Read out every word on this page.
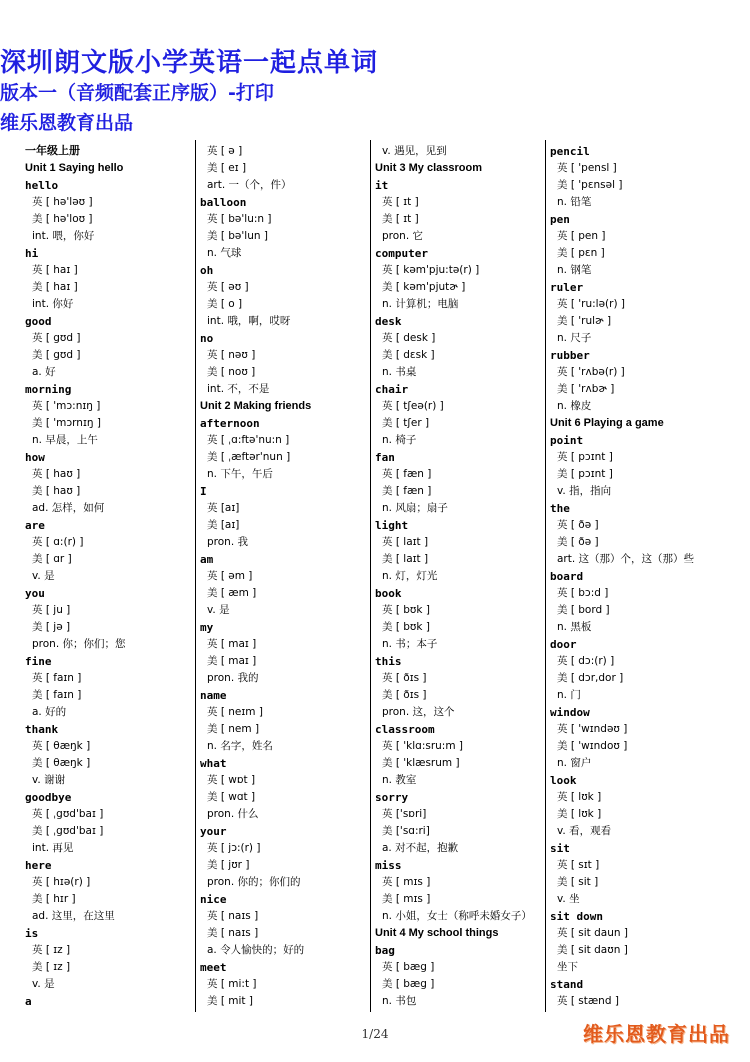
深圳朗文版小学英语一起点单词
版本一（音频配套正序版）-打印
维乐恩教育出品
一年级上册
Unit 1 Saying hello
hello
英 [ hə'ləʊ ]
美 [ hə'loʊ ]
int. 喂，你好
hi
英 [ haɪ ]
美 [ haɪ ]
int. 你好
good
英 [ gʊd ]
美 [ gʊd ]
a. 好
morning
英 [ 'mɔ:nɪŋ ]
美 [ 'mɔrnɪŋ ]
n. 早晨，上午
how
英 [ haʊ ]
美 [ haʊ ]
ad. 怎样，如何
are
英 [ ɑ:(r) ]
美 [ ɑr ]
v. 是
you
英 [ ju ]
美 [ jə ]
pron. 你；你们；您
fine
英 [ faɪn ]
美 [ faɪn ]
a. 好的
thank
英 [ θæŋk ]
美 [ θæŋk ]
v. 谢谢
goodbye
英 [ ˌgʊd'baɪ ]
美 [ ˌgʊd'baɪ ]
int. 再见
here
英 [ hɪə(r) ]
美 [ hɪr ]
ad. 这里，在这里
is
英 [ ɪz ]
美 [ ɪz ]
v. 是
a
英 [ ə ]
美 [ eɪ ]
art. 一（个，件）
balloon
英 [ bə'lu:n ]
美 [ bə'lun ]
n. 气球
oh
英 [ əʊ ]
美 [ o ]
int. 哦，啊，哎呀
no
英 [ nəʊ ]
美 [ noʊ ]
int. 不，不是
Unit 2 Making friends
afternoon
英 [ ˌɑ:ftə'nu:n ]
美 [ ˌæftər'nun ]
n. 下午，午后
I
英 [aɪ]
美 [aɪ]
pron. 我
am
英 [ əm ]
美 [ æm ]
v. 是
my
英 [ maɪ ]
美 [ maɪ ]
pron. 我的
name
英 [ neɪm ]
美 [ nem ]
n. 名字，姓名
what
英 [ wɒt ]
美 [ wɑt ]
pron. 什么
your
英 [ jɔ:(r) ]
美 [ jʊr ]
pron. 你的；你们的
nice
英 [ naɪs ]
美 [ naɪs ]
a. 令人愉快的；好的
meet
英 [ mi:t ]
美 [ mit ]
v. 遇见，见到
Unit 3 My classroom
it
英 [ ɪt ]
美 [ ɪt ]
pron. 它
computer
英 [ kəm'pju:tə(r) ]
美 [ kəm'pjutɚ ]
n. 计算机；电脑
desk
英 [ desk ]
美 [ dɛsk ]
n. 书桌
chair
英 [ tʃeə(r) ]
美 [ tʃer ]
n. 椅子
fan
英 [ fæn ]
美 [ fæn ]
n. 风扇；扇子
light
英 [ laɪt ]
美 [ laɪt ]
n. 灯，灯光
book
英 [ bʊk ]
美 [ bʊk ]
n. 书；本子
this
英 [ ðɪs ]
美 [ ðɪs ]
pron. 这，这个
classroom
英 [ 'klɑ:sru:m ]
美 [ 'klæsrum ]
n. 教室
sorry
英 ['sɒri]
美 ['sɑ:ri]
a. 对不起，抱歉
miss
英 [ mɪs ]
美 [ mɪs ]
n. 小姐，女士（称呼未婚女子）
Unit 4 My school things
bag
英 [ bæg ]
美 [ bæg ]
n. 书包
pencil
英 [ 'pensl ]
美 [ 'pɛnsəl ]
n. 铅笔
pen
英 [ pen ]
美 [ pɛn ]
n. 钢笔
ruler
英 [ 'ru:lə(r) ]
美 [ 'rulɚ ]
n. 尺子
rubber
英 [ 'rʌbə(r) ]
美 [ 'rʌbɚ ]
n. 橡皮
Unit 6 Playing a game
point
英 [ pɔɪnt ]
美 [ pɔɪnt ]
v. 指，指向
the
英 [ ðə ]
美 [ ðə ]
art. 这（那）个，这（那）些
board
英 [ bɔ:d ]
美 [ bord ]
n. 黑板
door
英 [ dɔ:(r) ]
美 [ dɔr,dor ]
n. 门
window
英 [ 'wɪndəʊ ]
美 [ 'wɪndoʊ ]
n. 窗户
look
英 [ lʊk ]
美 [ lʊk ]
v. 看，观看
sit
英 [ sɪt ]
美 [ sit ]
v. 坐
sit down
英 [ sit daun ]
美 [ sit daʊn ]
坐下
stand
英 [ stænd ]
1/24	维乐恩教育出品
